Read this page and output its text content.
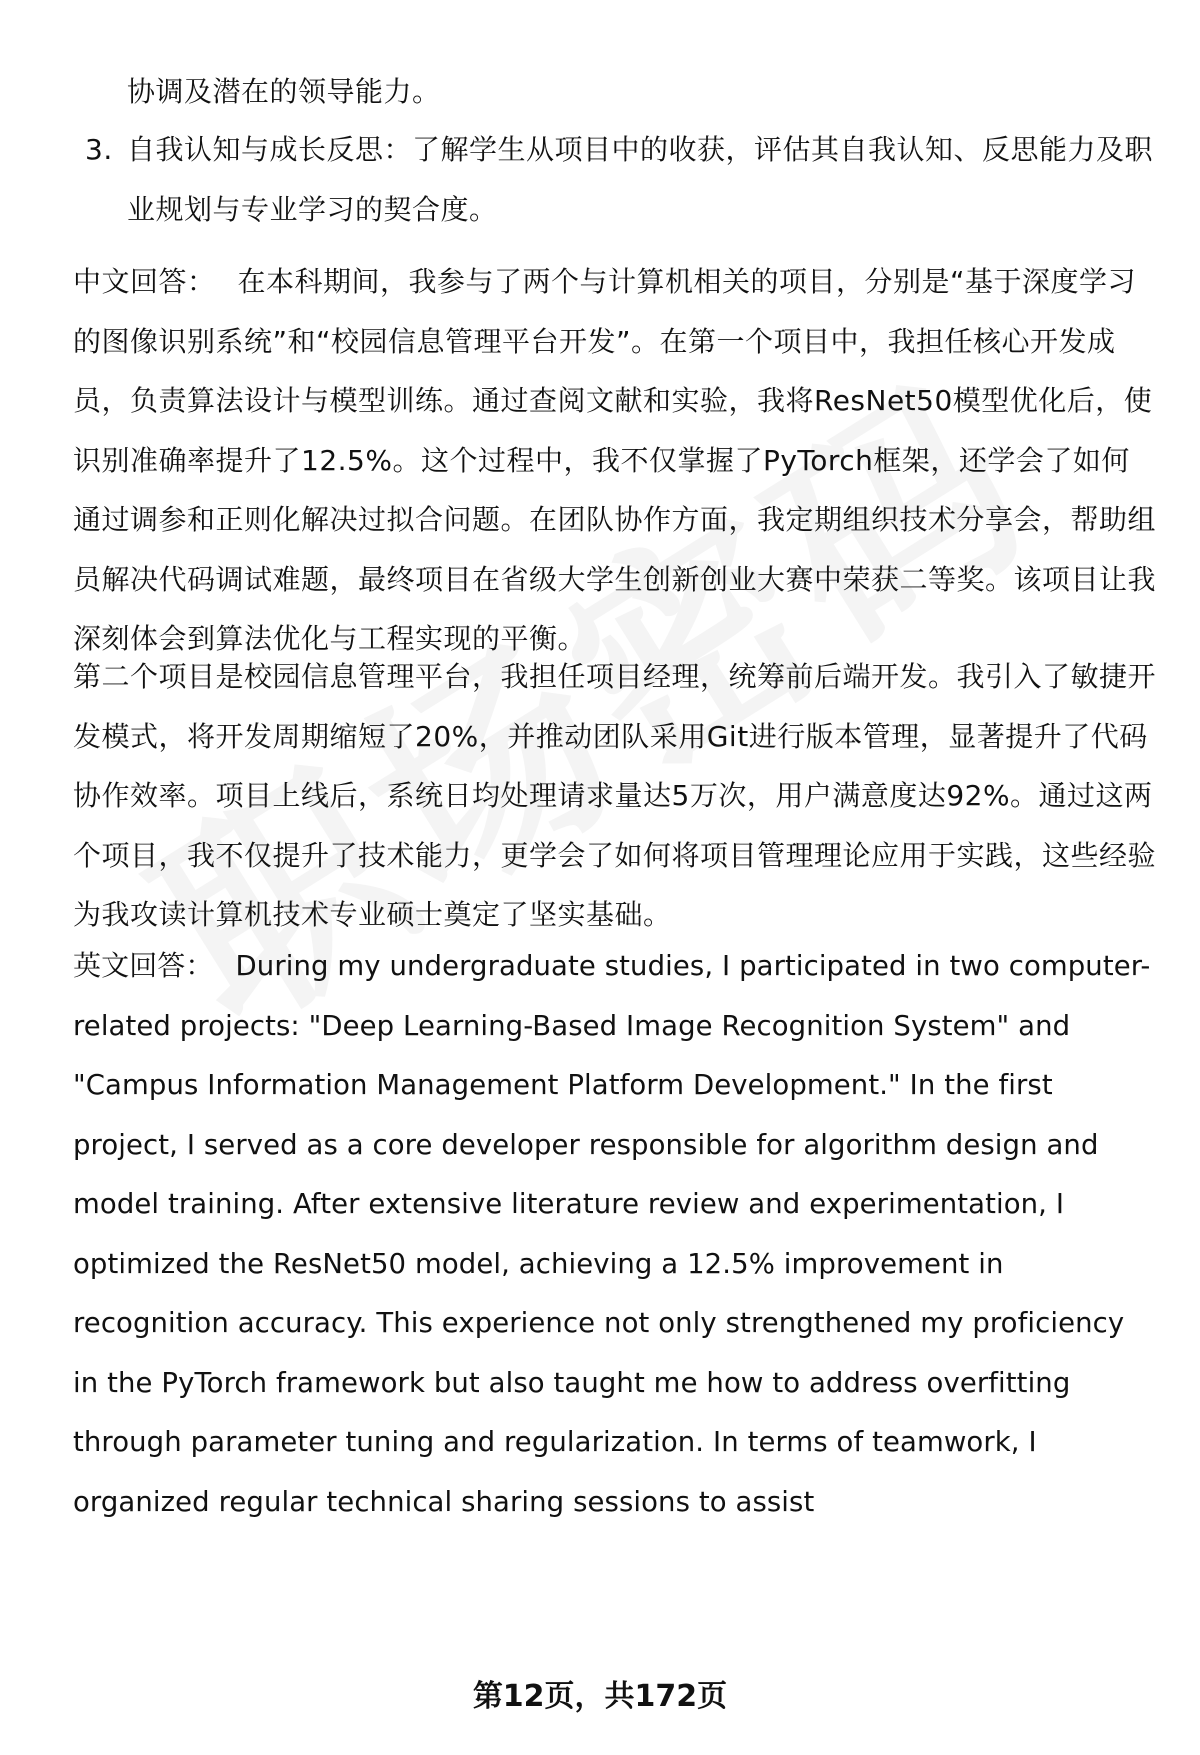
协调及潜在的领导能力。

3. 自我认知与成长反思：了解学生从项目中的收获，评估其自我认知、反思能力及职业规划与专业学习的契合度。

中文回答： 在本科期间，我参与了两个与计算机相关的项目，分别是“基于深度学习的图像识别系统”和“校园信息管理平台开发”。在第一个项目中，我担任核心开发成员，负责算法设计与模型训练。通过查阅文献和实验，我将ResNet50模型优化后，使识别准确率提升了12.5%。这个过程中，我不仅掌握了PyTorch框架，还学会了如何通过调参和正则化解决过拟合问题。在团队协作方面，我定期组织技术分享会，帮助组员解决代码调试难题，最终项目在省级大学生创新创业大赛中荣获二等奖。该项目让我深刻体会到算法优化与工程实现的平衡。

第二个项目是校园信息管理平台，我担任项目经理，统筹前后端开发。我引入了敏捷开发模式，将开发周期缩短了20%，并推动团队采用Git进行版本管理，显著提升了代码协作效率。项目上线后，系统日均处理请求量达5万次，用户满意度达92%。通过这两个项目，我不仅提升了技术能力，更学会了如何将项目管理理论应用于实践，这些经验为我攻读计算机技术专业硕士奠定了坚实基础。

英文回答： During my undergraduate studies, I participated in two computer-related projects: "Deep Learning-Based Image Recognition System" and "Campus Information Management Platform Development." In the first project, I served as a core developer responsible for algorithm design and model training. After extensive literature review and experimentation, I optimized the ResNet50 model, achieving a 12.5% improvement in recognition accuracy. This experience not only strengthened my proficiency in the PyTorch framework but also taught me how to address overfitting through parameter tuning and regularization. In terms of teamwork, I organized regular technical sharing sessions to assist

第12页，共172页
